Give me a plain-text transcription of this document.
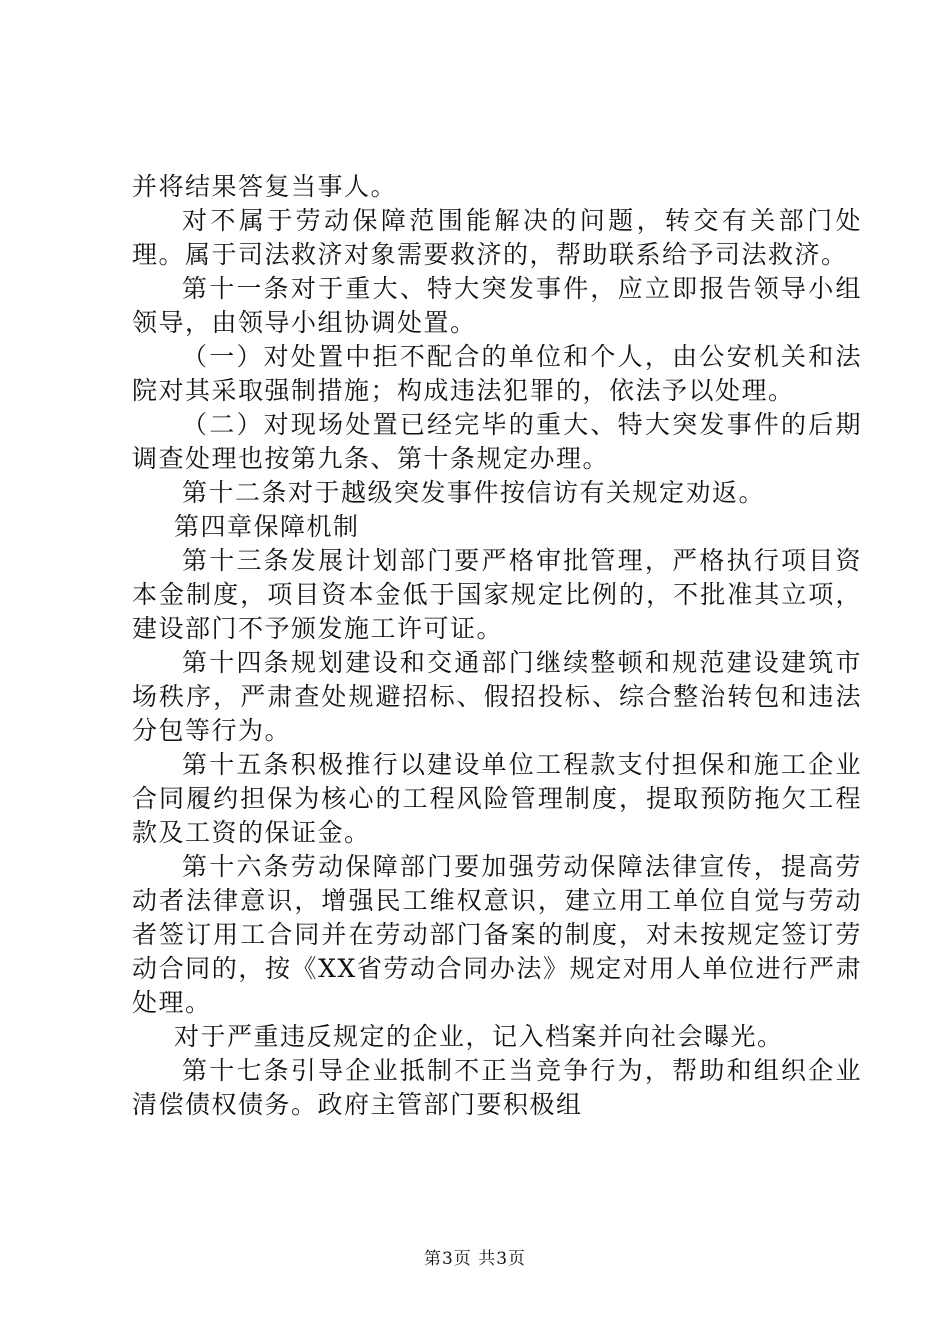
并将结果答复当事人。

对不属于劳动保障范围能解决的问题，转交有关部门处理。属于司法救济对象需要救济的，帮助联系给予司法救济。

第十一条对于重大、特大突发事件，应立即报告领导小组领导，由领导小组协调处置。

（一）对处置中拒不配合的单位和个人，由公安机关和法院对其采取强制措施；构成违法犯罪的，依法予以处理。

（二）对现场处置已经完毕的重大、特大突发事件的后期调查处理也按第九条、第十条规定办理。

第十二条对于越级突发事件按信访有关规定劝返。

第四章保障机制

第十三条发展计划部门要严格审批管理，严格执行项目资本金制度，项目资本金低于国家规定比例的，不批准其立项，建设部门不予颁发施工许可证。

第十四条规划建设和交通部门继续整顿和规范建设建筑市场秩序，严肃查处规避招标、假招投标、综合整治转包和违法分包等行为。

第十五条积极推行以建设单位工程款支付担保和施工企业合同履约担保为核心的工程风险管理制度，提取预防拖欠工程款及工资的保证金。

第十六条劳动保障部门要加强劳动保障法律宣传，提高劳动者法律意识，增强民工维权意识，建立用工单位自觉与劳动者签订用工合同并在劳动部门备案的制度，对未按规定签订劳动合同的，按《XX省劳动合同办法》规定对用人单位进行严肃处理。

对于严重违反规定的企业，记入档案并向社会曝光。

第十七条引导企业抵制不正当竞争行为，帮助和组织企业清偿债权债务。政府主管部门要积极组

第3页 共3页
